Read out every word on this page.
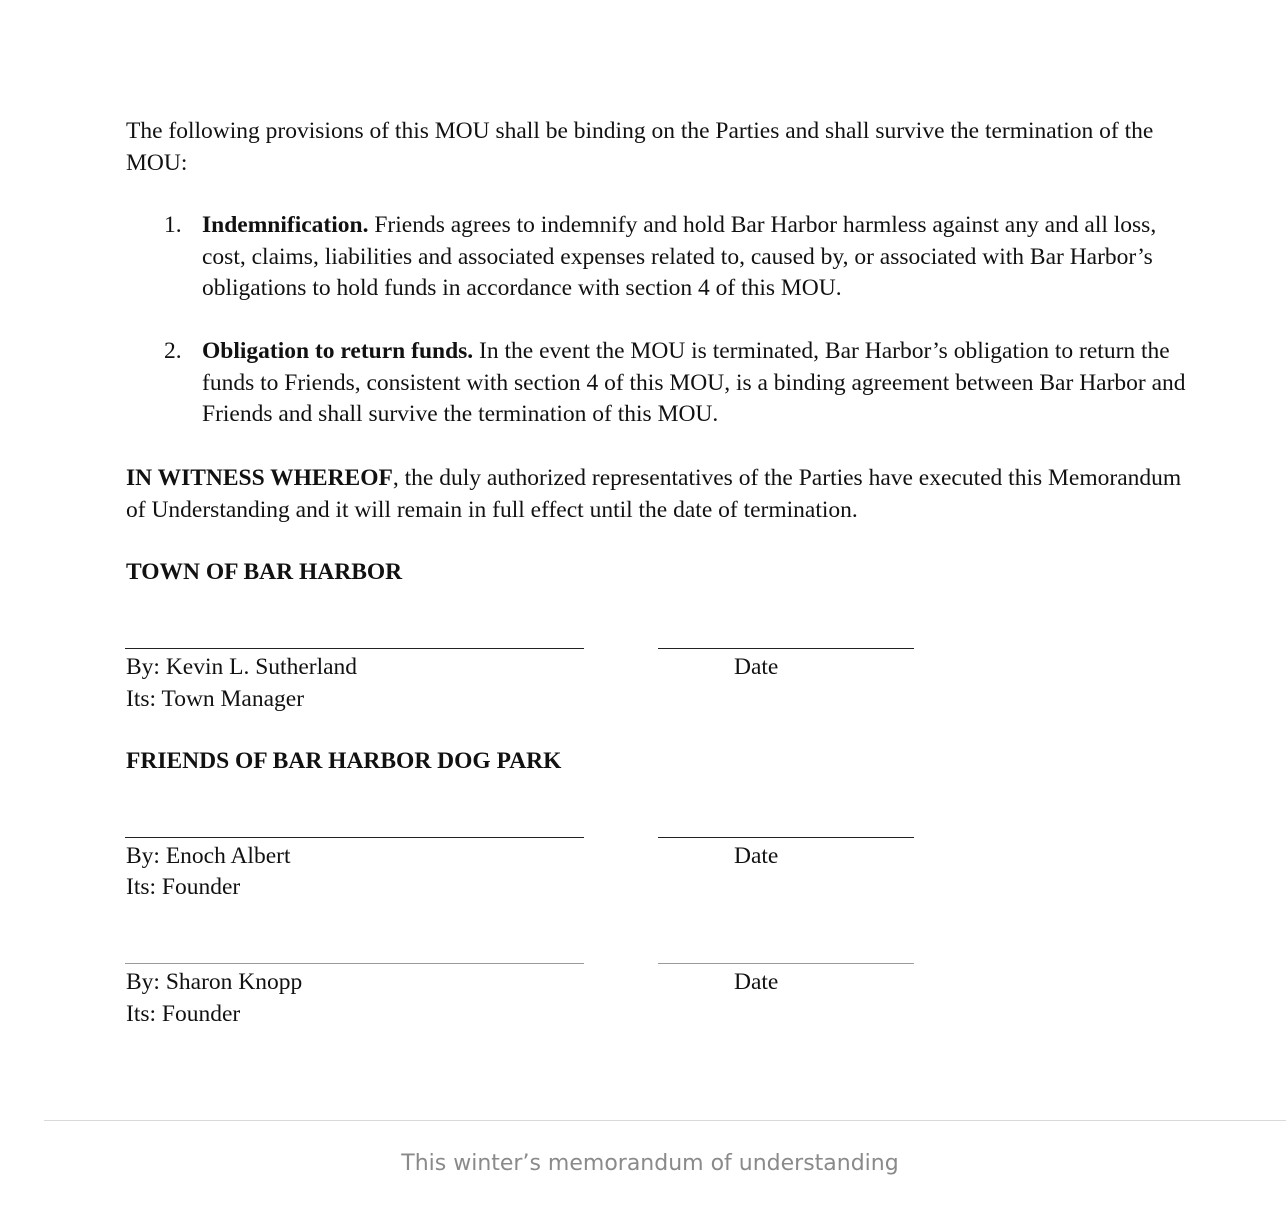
The following provisions of this MOU shall be binding on the Parties and shall survive the termination of the MOU:

1. Indemnification. Friends agrees to indemnify and hold Bar Harbor harmless against any and all loss, cost, claims, liabilities and associated expenses related to, caused by, or associated with Bar Harbor’s obligations to hold funds in accordance with section 4 of this MOU.

2. Obligation to return funds. In the event the MOU is terminated, Bar Harbor’s obligation to return the funds to Friends, consistent with section 4 of this MOU, is a binding agreement between Bar Harbor and Friends and shall survive the termination of this MOU.

IN WITNESS WHEREOF, the duly authorized representatives of the Parties have executed this Memorandum of Understanding and it will remain in full effect until the date of termination.

TOWN OF BAR HARBOR
By: Kevin L. Sutherland	Date
Its: Town Manager
FRIENDS OF BAR HARBOR DOG PARK
By: Enoch Albert	Date
Its: Founder
By: Sharon Knopp	Date
Its: Founder
This winter’s memorandum of understanding
